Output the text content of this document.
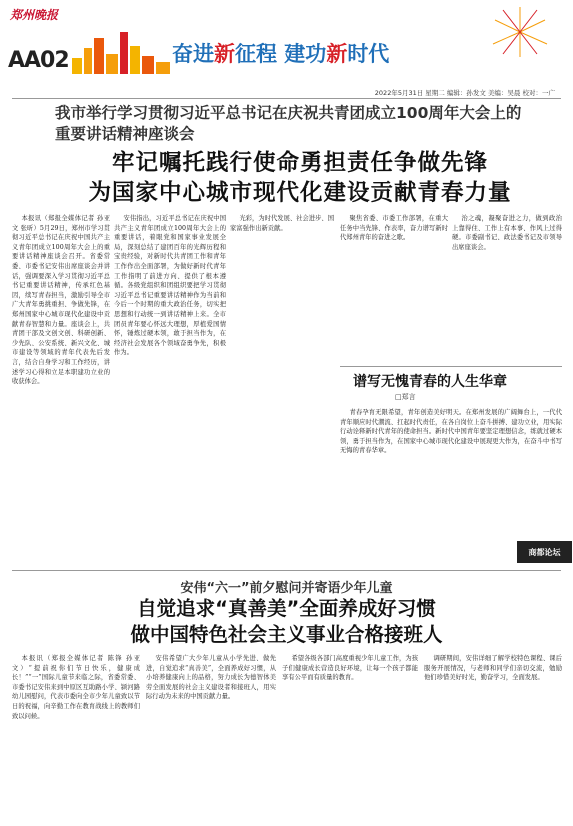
郑州晚报
AA02	奋进新征程 建功新时代
2022年5月31日 星期二 编辑：孙发文 美编：吴晨 校对：一广
我市举行学习贯彻习近平总书记在庆祝共青团成立100周年大会上的重要讲话精神座谈会
牢记嘱托践行使命勇担责任争做先锋
为国家中心城市现代化建设贡献青春力量

本报讯（郑报全媒体记者 孙亚文 张昕）5月29日，郑州市学习贯彻习近平总书记在庆祝中国共产主义青年团成立100周年大会上的重要讲话精神座谈会召开。省委常委、市委书记安伟出席座谈会并讲话，强调要深入学习贯彻习近平总书记重要讲话精神，传承红色基因，续写青春担当，激励引导全市广大青年勇挑重担、争做先锋，在郑州国家中心城市现代化建设中贡献青春智慧和力量。座谈会上，共青团干部及文创文创、科研创新、少先队、公安系统、新兴文化、城市建设等领域的青年代表先后发言，结合自身学习和工作经历，讲述学习心得和立足本职建功立业的收获体会。

安伟指出，习近平总书记在庆祝中国共产主义青年团成立100周年大会上的重要讲话，着眼党和国家事业发展全局，深刻总结了建团百年的光辉历程和宝贵经验，对新时代共青团工作和青年工作作出全面部署，为做好新时代青年工作指明了前进方向、提供了根本遵循。各级党组织和团组织要把学习贯彻习近平总书记重要讲话精神作为当前和今后一个时期的重大政治任务，切实把思想和行动统一到讲话精神上来。全市团员青年要心怀远大理想，厚植爱国情怀，锤炼过硬本领，敢于担当作为，在经济社会发展各个领域奋勇争先，积极作为。

光彩，为时代发展、社会进步、国家富强作出新贡献。

聚焦省委、市委工作部署，在重大任务中当先锋、作表率，奋力谱写新时代郑州青年的奋进之歌。

治之魂，凝聚奋进之力，做到政治上靠得住、工作上有本事、作风上过得硬。市委副书记、政法委书记及市领导出席座谈会。

谱写无愧青春的人生华章
□郑言

青春孕育无限希望，青年创造美好明天。在郑州发展的广阔舞台上，一代代青年顺应时代潮流、扛起时代责任，在各自岗位上奋斗拼搏、建功立业，用实际行动诠释新时代青年的使命担当。新时代中国青年要坚定理想信念，练就过硬本领，勇于担当作为，在国家中心城市现代化建设中展现更大作为，在奋斗中书写无悔的青春华章。

商都论坛
安伟“六一”前夕慰问并寄语少年儿童
自觉追求“真善美”全面养成好习惯
做中国特色社会主义事业合格接班人

本报讯（郑报全媒体记者 陈锋 孙亚文）“提前祝你们节日快乐，健康成长！”“一”国际儿童节来临之际，省委常委、市委书记安伟来到中原区互助路小学、颍河路幼儿园慰问，代表市委向全市少年儿童致以节日的祝福，向辛勤工作在教育战线上的教师们致以问候。

安伟希望广大少年儿童从小学先进、做先进，自觉追求“真善美”，全面养成好习惯，从小培养健康向上的品格，努力成长为德智体美劳全面发展的社会主义建设者和接班人，用实际行动为未来的中国贡献力量。

希望各级各部门高度重视少年儿童工作，为孩子们健康成长营造良好环境，让每一个孩子都能享有公平而有质量的教育。

调研期间，安伟详细了解学校特色课程、课后服务开展情况，与老师和同学们亲切交流，勉励他们珍惜美好时光，勤奋学习，全面发展。
